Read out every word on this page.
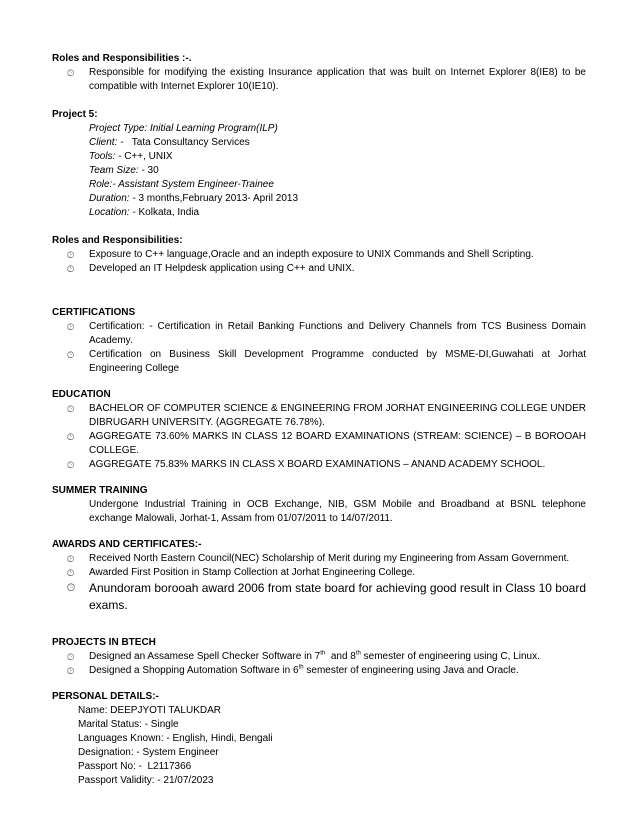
Roles and Responsibilities :-.

🕒︎ Responsible for modifying the existing Insurance application that was built on Internet Explorer 8(IE8) to be compatible with Internet Explorer 10(IE10).

Project 5:

Project Type: Initial Learning Program(ILP)
Client: - Tata Consultancy Services
Tools: - C++, UNIX
Team Size: - 30
Role:- Assistant System Engineer-Trainee
Duration: - 3 months,February 2013- April 2013
Location: - Kolkata, India

Roles and Responsibilities:

🕒︎ Exposure to C++ language,Oracle and an indepth exposure to UNIX Commands and Shell Scripting.
🕒︎ Developed an IT Helpdesk application using C++ and UNIX.

CERTIFICATIONS

🕒︎ Certification: - Certification in Retail Banking Functions and Delivery Channels from TCS Business Domain Academy.
🕒︎ Certification on Business Skill Development Programme conducted by MSME-DI,Guwahati at Jorhat Engineering College

EDUCATION

🕒︎ BACHELOR OF COMPUTER SCIENCE & ENGINEERING FROM JORHAT ENGINEERING COLLEGE UNDER DIBRUGARH UNIVERSITY. (AGGREGATE 76.78%).
🕒︎ AGGREGATE 73.60% MARKS IN CLASS 12 BOARD EXAMINATIONS (STREAM: SCIENCE) – B BOROOAH COLLEGE.
🕒︎ AGGREGATE 75.83% MARKS IN CLASS X BOARD EXAMINATIONS – ANAND ACADEMY SCHOOL.

SUMMER TRAINING

Undergone Industrial Training in OCB Exchange, NIB, GSM Mobile and Broadband at BSNL telephone exchange Malowali, Jorhat-1, Assam from 01/07/2011 to 14/07/2011.

AWARDS AND CERTIFICATES:-

🕒︎ Received North Eastern Council(NEC) Scholarship of Merit during my Engineering from Assam Government.
🕒︎ Awarded First Position in Stamp Collection at Jorhat Engineering College.
🕒︎ Anundoram borooah award 2006 from state board for achieving good result in Class 10 board exams.

PROJECTS IN BTECH

🕒︎ Designed an Assamese Spell Checker Software in 7th  and 8th semester of engineering using C, Linux.
🕒︎ Designed a Shopping Automation Software in 6th semester of engineering using Java and Oracle.

PERSONAL DETAILS:-

Name: DEEPJYOTI TALUKDAR
Marital Status: - Single
Languages Known: - English, Hindi, Bengali
Designation: - System Engineer
Passport No: -  L2117366
Passport Validity: - 21/07/2023
